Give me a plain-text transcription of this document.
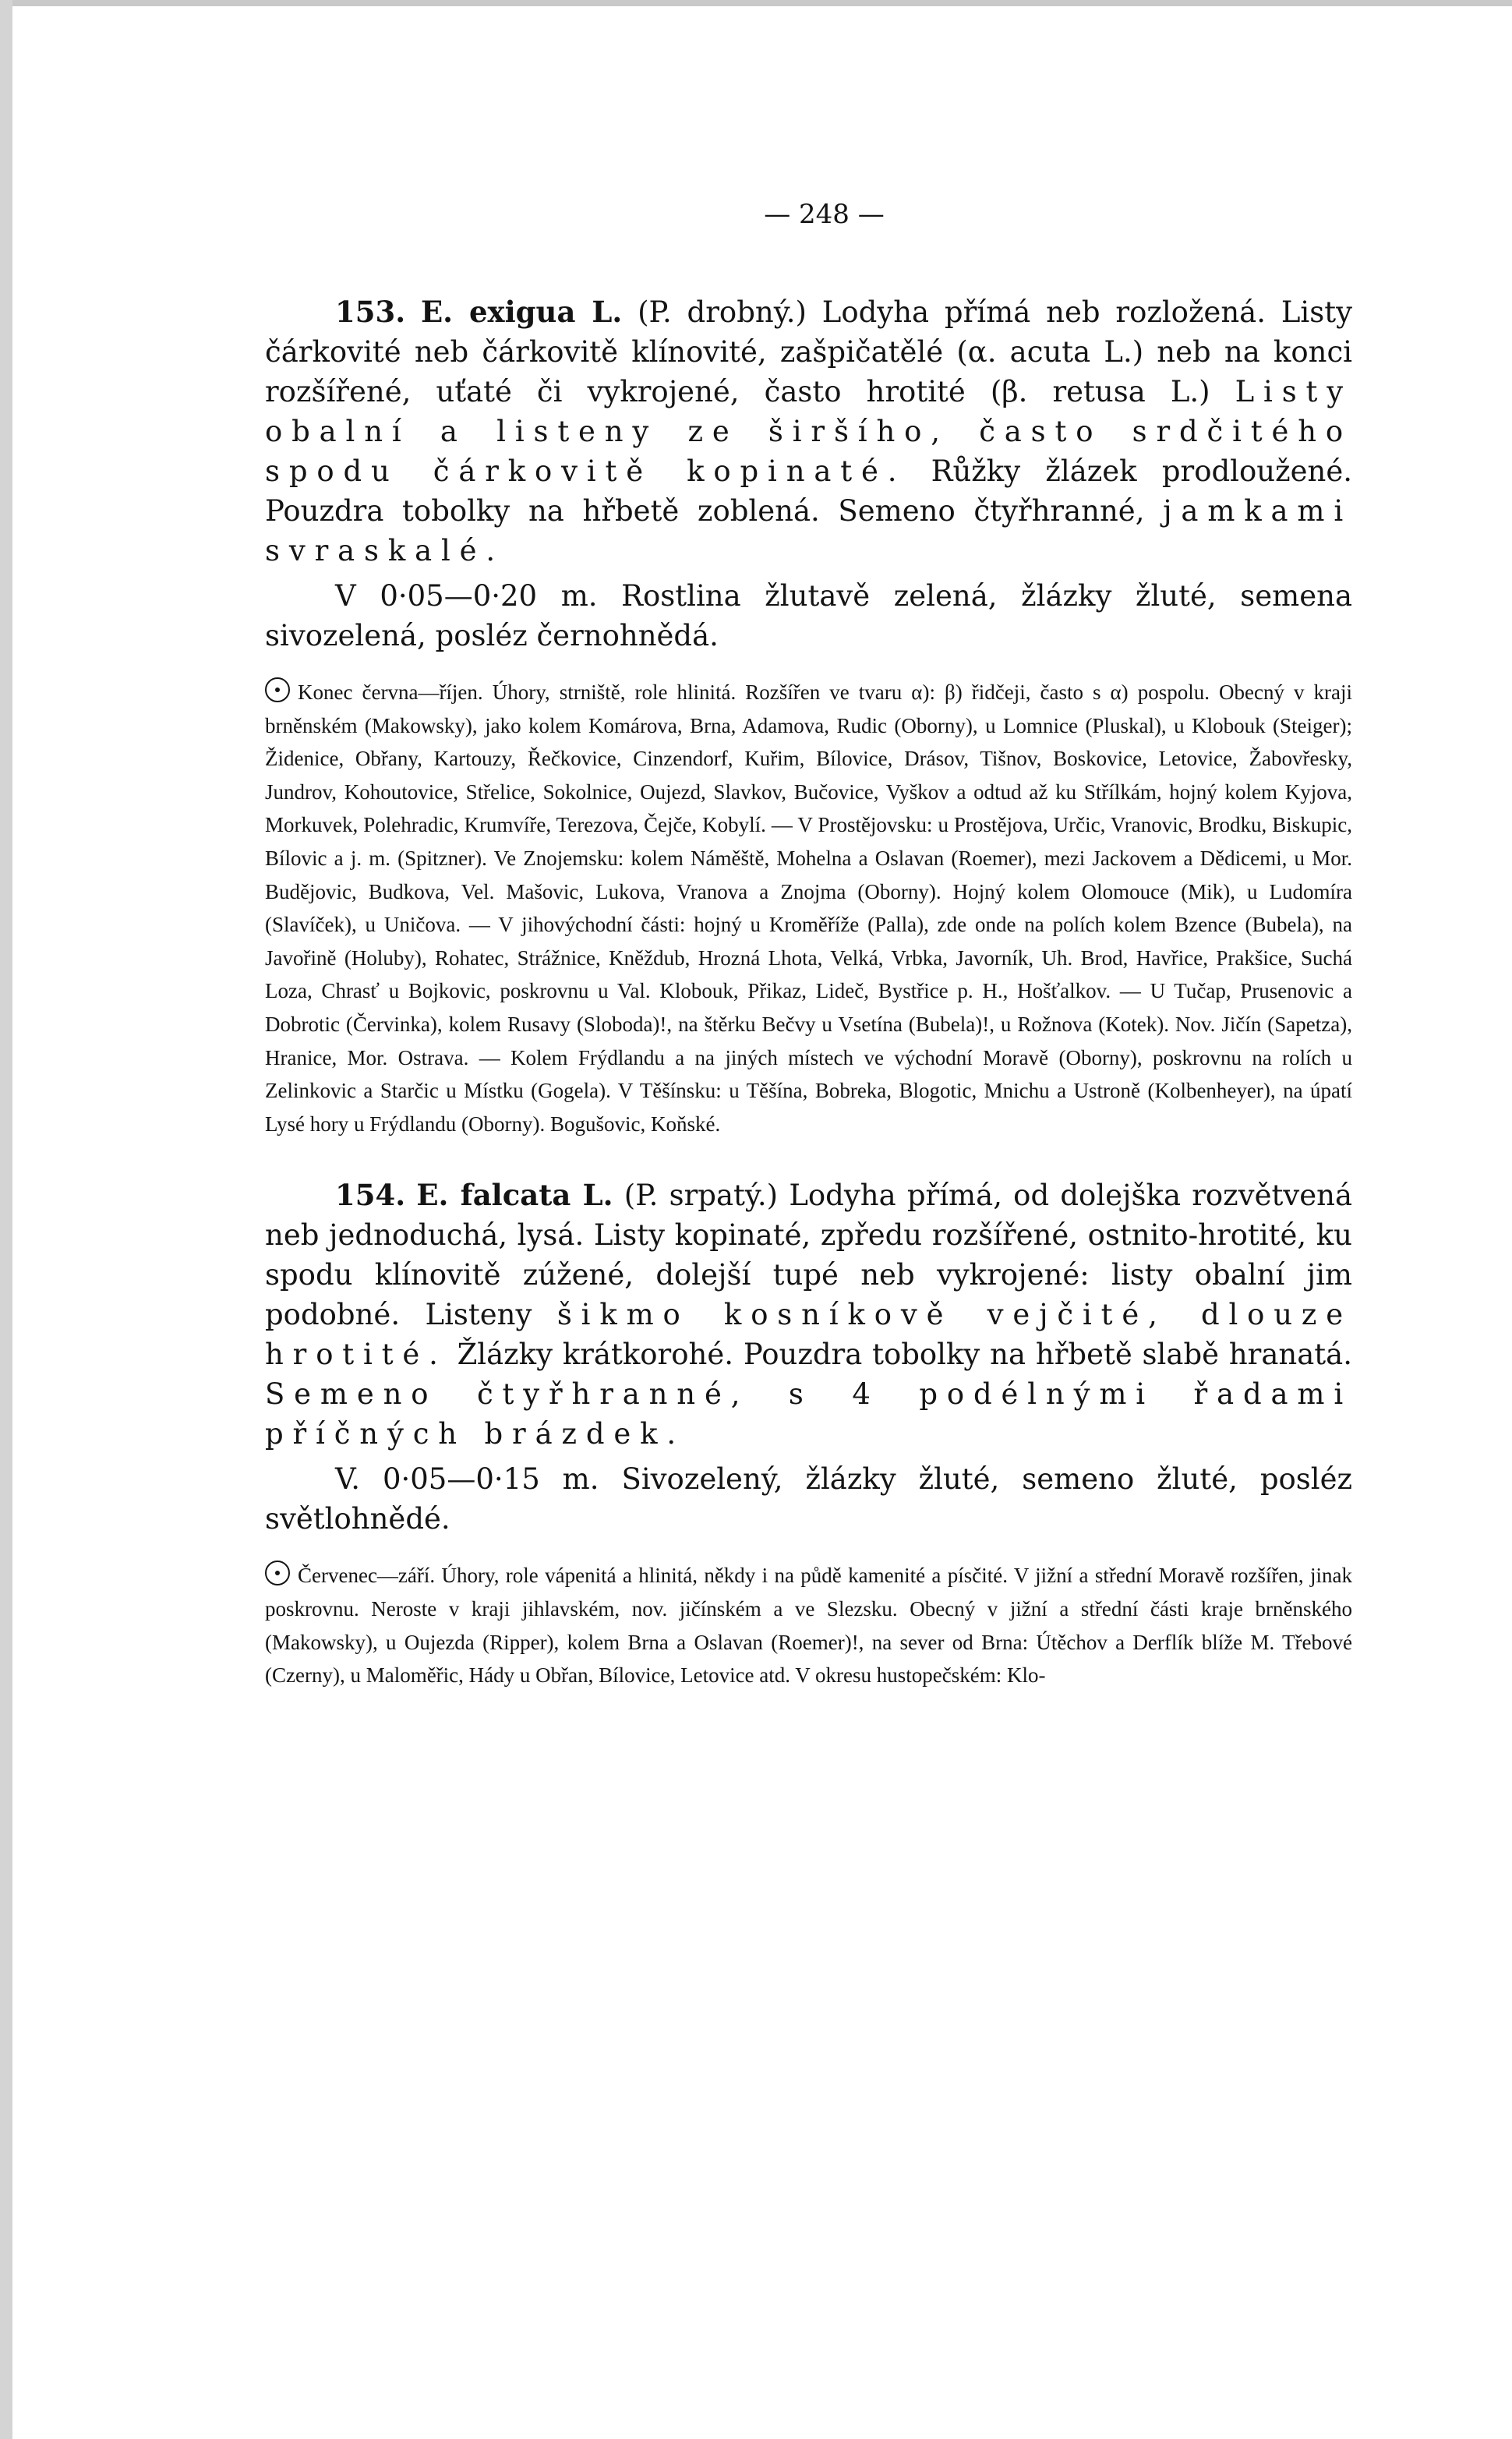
— 248 —

153. E. exigua L. (P. drobný.) Lodyha přímá neb rozložená. Listy čárkovité neb čárkovitě klínovité, zašpičatělé (α. acuta L.) neb na konci rozšířené, uťaté či vykrojené, často hrotité (β. retusa L.) Listy obalní a listeny ze širšího, často srdčitého spodu čárkovitě kopinaté. Růžky žlázek prodloužené. Pouzdra tobolky na hřbetě zoblená. Semeno čtyřhranné, jamkami svraskalé.

V 0·05—0·20 m. Rostlina žlutavě zelená, žlázky žluté, semena sivozelená, posléz černohnědá.

Konec června—říjen. Úhory, strniště, role hlinitá. Rozšířen ve tvaru α): β) řidčeji, často s α) pospolu. Obecný v kraji brněnském (Makowsky), jako kolem Komárova, Brna, Adamova, Rudic (Oborny), u Lomnice (Pluskal), u Klobouk (Steiger); Židenice, Obřany, Kartouzy, Řečkovice, Cinzendorf, Kuřim, Bílovice, Drásov, Tišnov, Boskovice, Letovice, Žabovřesky, Jundrov, Kohoutovice, Střelice, Sokolnice, Oujezd, Slavkov, Bučovice, Vyškov a odtud až ku Střílkám, hojný kolem Kyjova, Morkuvek, Polehradic, Krumvíře, Terezova, Čejče, Kobylí. — V Prostějovsku: u Prostějova, Určic, Vranovic, Brodku, Biskupic, Bílovic a j. m. (Spitzner). Ve Znojemsku: kolem Náměště, Mohelna a Oslavan (Roemer), mezi Jackovem a Dědicemi, u Mor. Budějovic, Budkova, Vel. Mašovic, Lukova, Vranova a Znojma (Oborny). Hojný kolem Olomouce (Mik), u Ludomíra (Slavíček), u Uničova. — V jihovýchodní části: hojný u Kroměříže (Palla), zde onde na polích kolem Bzence (Bubela), na Javořině (Holuby), Rohatec, Strážnice, Kněždub, Hrozná Lhota, Velká, Vrbka, Javorník, Uh. Brod, Havřice, Prakšice, Suchá Loza, Chrasť u Bojkovic, poskrovnu u Val. Klobouk, Přikaz, Lideč, Bystřice p. H., Hošťalkov. — U Tučap, Prusenovic a Dobrotic (Červinka), kolem Rusavy (Sloboda)!, na štěrku Bečvy u Vsetína (Bubela)!, u Rožnova (Kotek). Nov. Jičín (Sapetza), Hranice, Mor. Ostrava. — Kolem Frýdlandu a na jiných místech ve východní Moravě (Oborny), poskrovnu na rolích u Zelinkovic a Starčic u Místku (Gogela). V Těšínsku: u Těšína, Bobreka, Blogotic, Mnichu a Ustroně (Kolbenheyer), na úpatí Lysé hory u Frýdlandu (Oborny). Bogušovic, Koňské.

154. E. falcata L. (P. srpatý.) Lodyha přímá, od dolejška rozvětvená neb jednoduchá, lysá. Listy kopinaté, zpředu rozšířené, ostnito-hrotité, ku spodu klínovitě zúžené, dolejší tupé neb vykrojené: listy obalní jim podobné. Listeny šikmo kosníkově vejčité, dlouze hrotité. Žlázky krátkorohé. Pouzdra tobolky na hřbetě slabě hranatá. Semeno čtyřhranné, s 4 podélnými řadami příčných brázdek.

V. 0·05—0·15 m. Sivozelený, žlázky žluté, semeno žluté, posléz světlohnědé.

Červenec—září. Úhory, role vápenitá a hlinitá, někdy i na půdě kamenité a písčité. V jižní a střední Moravě rozšířen, jinak poskrovnu. Neroste v kraji jihlavském, nov. jičínském a ve Slezsku. Obecný v jižní a střední části kraje brněnského (Makowsky), u Oujezda (Ripper), kolem Brna a Oslavan (Roemer)!, na sever od Brna: Útěchov a Derflík blíže M. Třebové (Czerny), u Maloměřic, Hády u Obřan, Bílovice, Letovice atd. V okresu hustopečském: Klo-
